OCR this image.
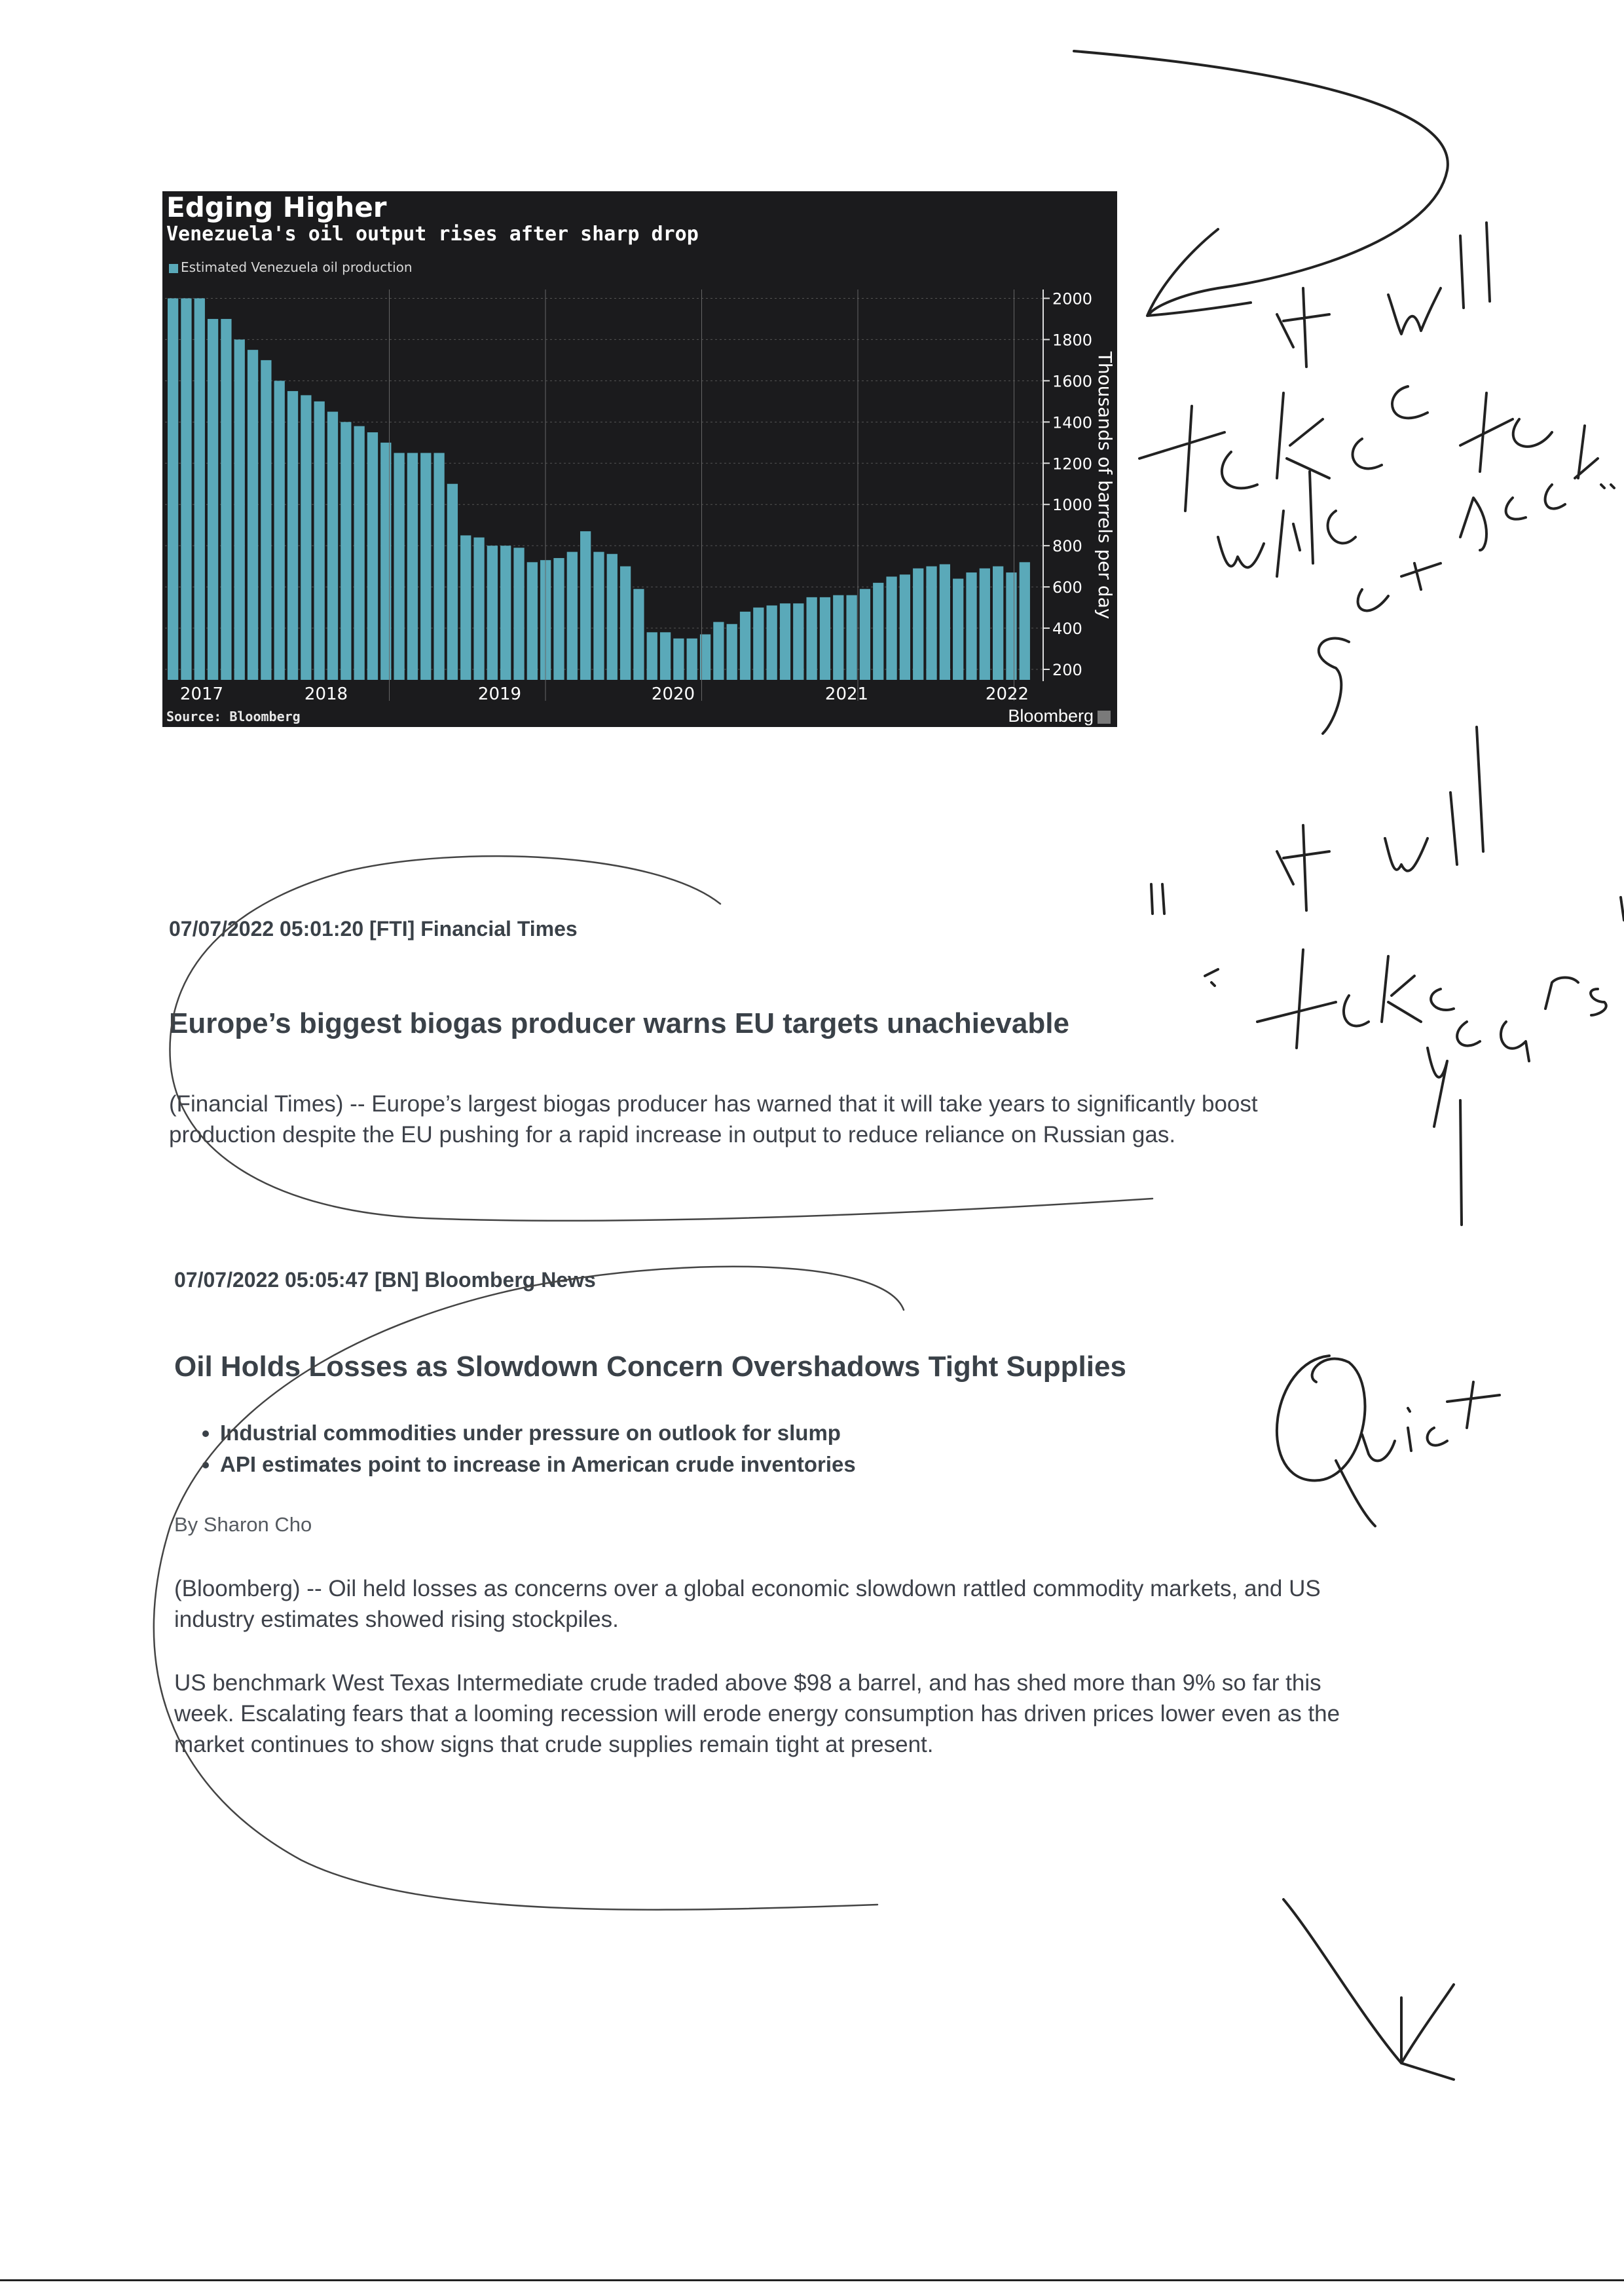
200
400
600
800
1000
1200
1400
1600
1800
2000
Thousands of barrels per day
2017	2018	2019	2020	2021	2022
Edging Higher
Venezuela's oil output rises after sharp drop
Estimated Venezuela oil production
Source: Bloomberg	Bloomberg
07/07/2022 05:01:20 [FTI] Financial Times
Europe’s biggest biogas producer warns EU targets unachievable
(Financial Times) -- Europe’s largest biogas producer has warned that it will take years to significantly boost
production despite the EU pushing for a rapid increase in output to reduce reliance on Russian gas.
07/07/2022 05:05:47 [BN] Bloomberg News
Oil Holds Losses as Slowdown Concern Overshadows Tight Supplies
• Industrial commodities under pressure on outlook for slump
• API estimates point to increase in American crude inventories
By Sharon Cho
(Bloomberg) -- Oil held losses as concerns over a global economic slowdown rattled commodity markets, and US
industry estimates showed rising stockpiles.
US benchmark West Texas Intermediate crude traded above $98 a barrel, and has shed more than 9% so far this
week. Escalating fears that a looming recession will erode energy consumption has driven prices lower even as the
market continues to show signs that crude supplies remain tight at present.
